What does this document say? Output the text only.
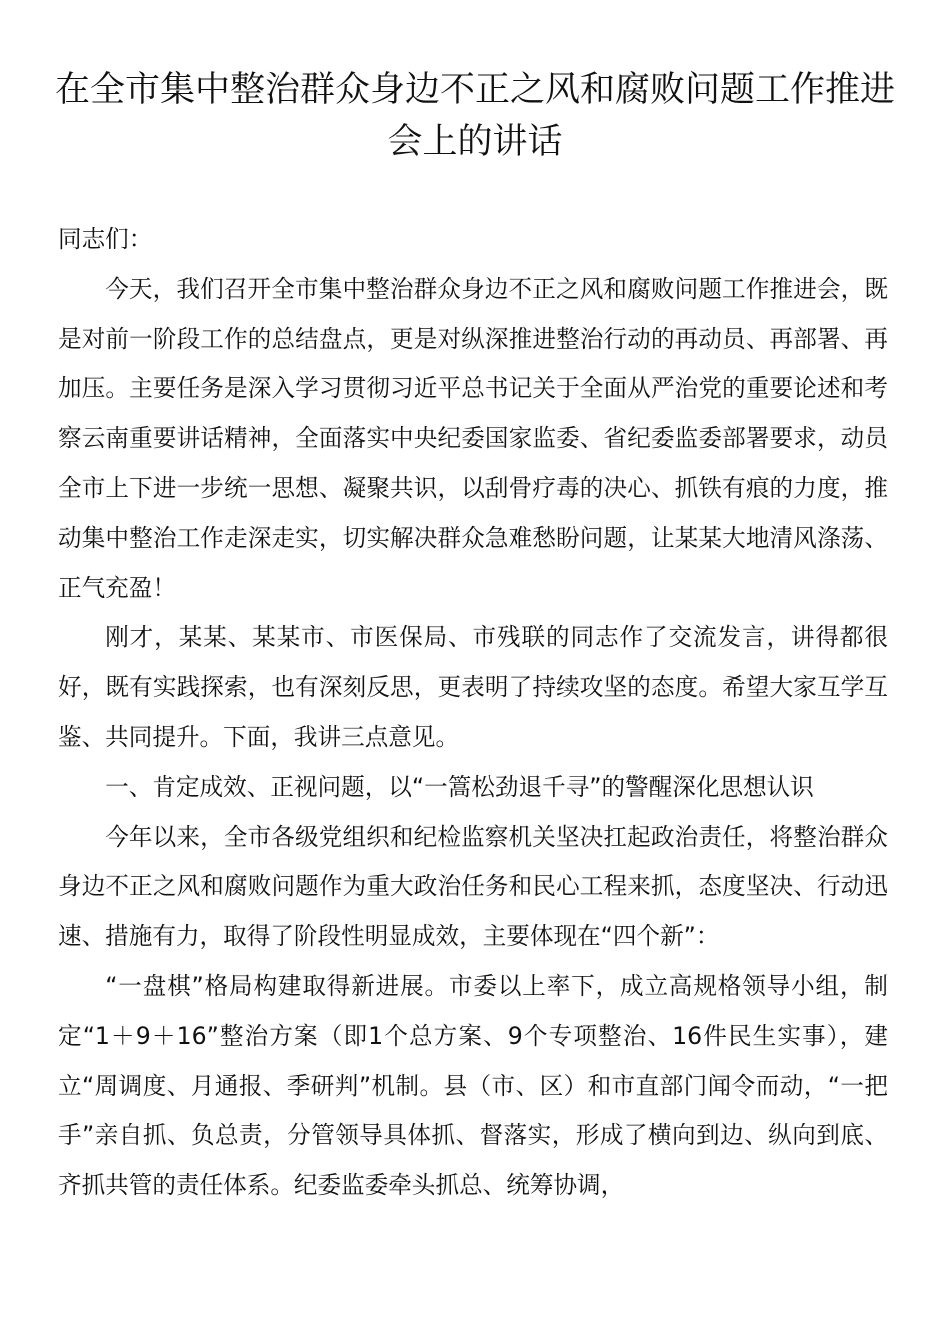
在全市集中整治群众身边不正之风和腐败问题工作推进会上的讲话

同志们：

今天，我们召开全市集中整治群众身边不正之风和腐败问题工作推进会，既是对前一阶段工作的总结盘点，更是对纵深推进整治行动的再动员、再部署、再加压。主要任务是深入学习贯彻习近平总书记关于全面从严治党的重要论述和考察云南重要讲话精神，全面落实中央纪委国家监委、省纪委监委部署要求，动员全市上下进一步统一思想、凝聚共识，以刮骨疗毒的决心、抓铁有痕的力度，推动集中整治工作走深走实，切实解决群众急难愁盼问题，让某某大地清风涤荡、正气充盈！

刚才，某某、某某市、市医保局、市残联的同志作了交流发言，讲得都很好，既有实践探索，也有深刻反思，更表明了持续攻坚的态度。希望大家互学互鉴、共同提升。下面，我讲三点意见。

一、肯定成效、正视问题，以“一篙松劲退千寻”的警醒深化思想认识

今年以来，全市各级党组织和纪检监察机关坚决扛起政治责任，将整治群众身边不正之风和腐败问题作为重大政治任务和民心工程来抓，态度坚决、行动迅速、措施有力，取得了阶段性明显成效，主要体现在“四个新”：

“一盘棋”格局构建取得新进展。市委以上率下，成立高规格领导小组，制定“1＋9＋16”整治方案（即1个总方案、9个专项整治、16件民生实事），建立“周调度、月通报、季研判”机制。县（市、区）和市直部门闻令而动，“一把手”亲自抓、负总责，分管领导具体抓、督落实，形成了横向到边、纵向到底、齐抓共管的责任体系。纪委监委牵头抓总、统筹协调，
